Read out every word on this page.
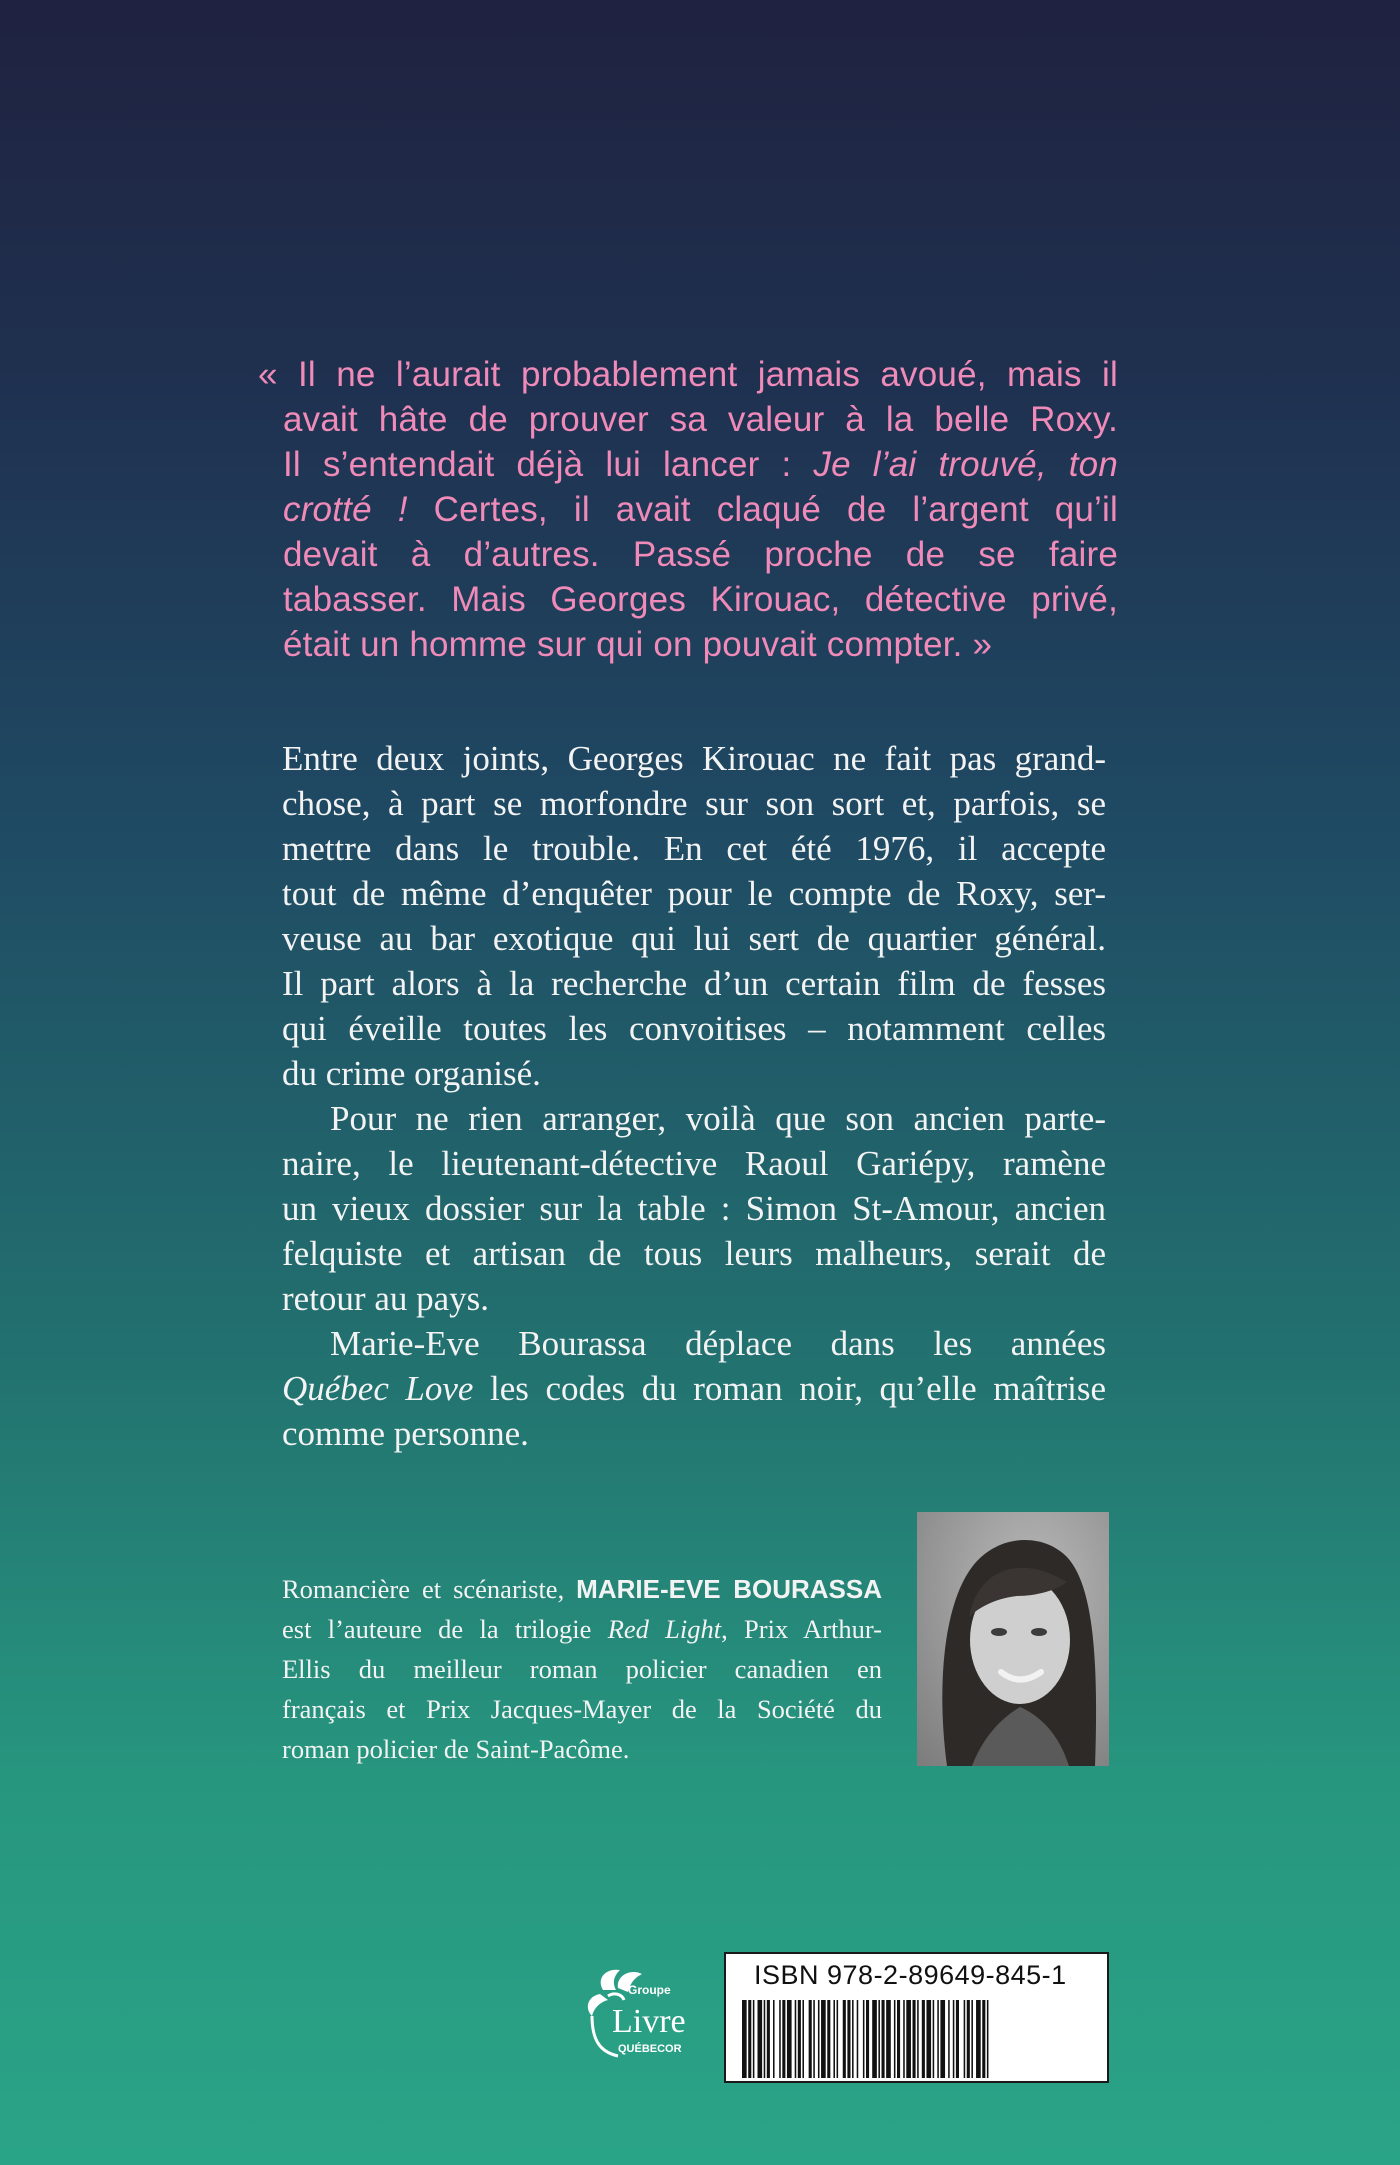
« Il ne l’aurait probablement jamais avoué, mais il
avait hâte de prouver sa valeur à la belle Roxy.
Il s’entendait déjà lui lancer : Je l’ai trouvé, ton
crotté ! Certes, il avait claqué de l’argent qu’il
devait à d’autres. Passé proche de se faire
tabasser. Mais Georges Kirouac, détective privé,
était un homme sur qui on pouvait compter. »
Entre deux joints, Georges Kirouac ne fait pas grand-
chose, à part se morfondre sur son sort et, parfois, se
mettre dans le trouble. En cet été 1976, il accepte
tout de même d’enquêter pour le compte de Roxy, ser-
veuse au bar exotique qui lui sert de quartier général.
Il part alors à la recherche d’un certain film de fesses
qui éveille toutes les convoitises – notamment celles
du crime organisé.
Pour ne rien arranger, voilà que son ancien parte-
naire, le lieutenant-détective Raoul Gariépy, ramène
un vieux dossier sur la table : Simon St-Amour, ancien
felquiste et artisan de tous leurs malheurs, serait de
retour au pays.
Marie-Eve Bourassa déplace dans les années
Québec Love les codes du roman noir, qu’elle maîtrise
comme personne.
Romancière et scénariste, MARIE-EVE BOURASSA
est l’auteure de la trilogie Red Light, Prix Arthur-
Ellis du meilleur roman policier canadien en
français et Prix Jacques-Mayer de la Société du
roman policier de Saint-Pacôme.
Groupe
Livre
QUÉBECOR
ISBN 978-2-89649-845-1
